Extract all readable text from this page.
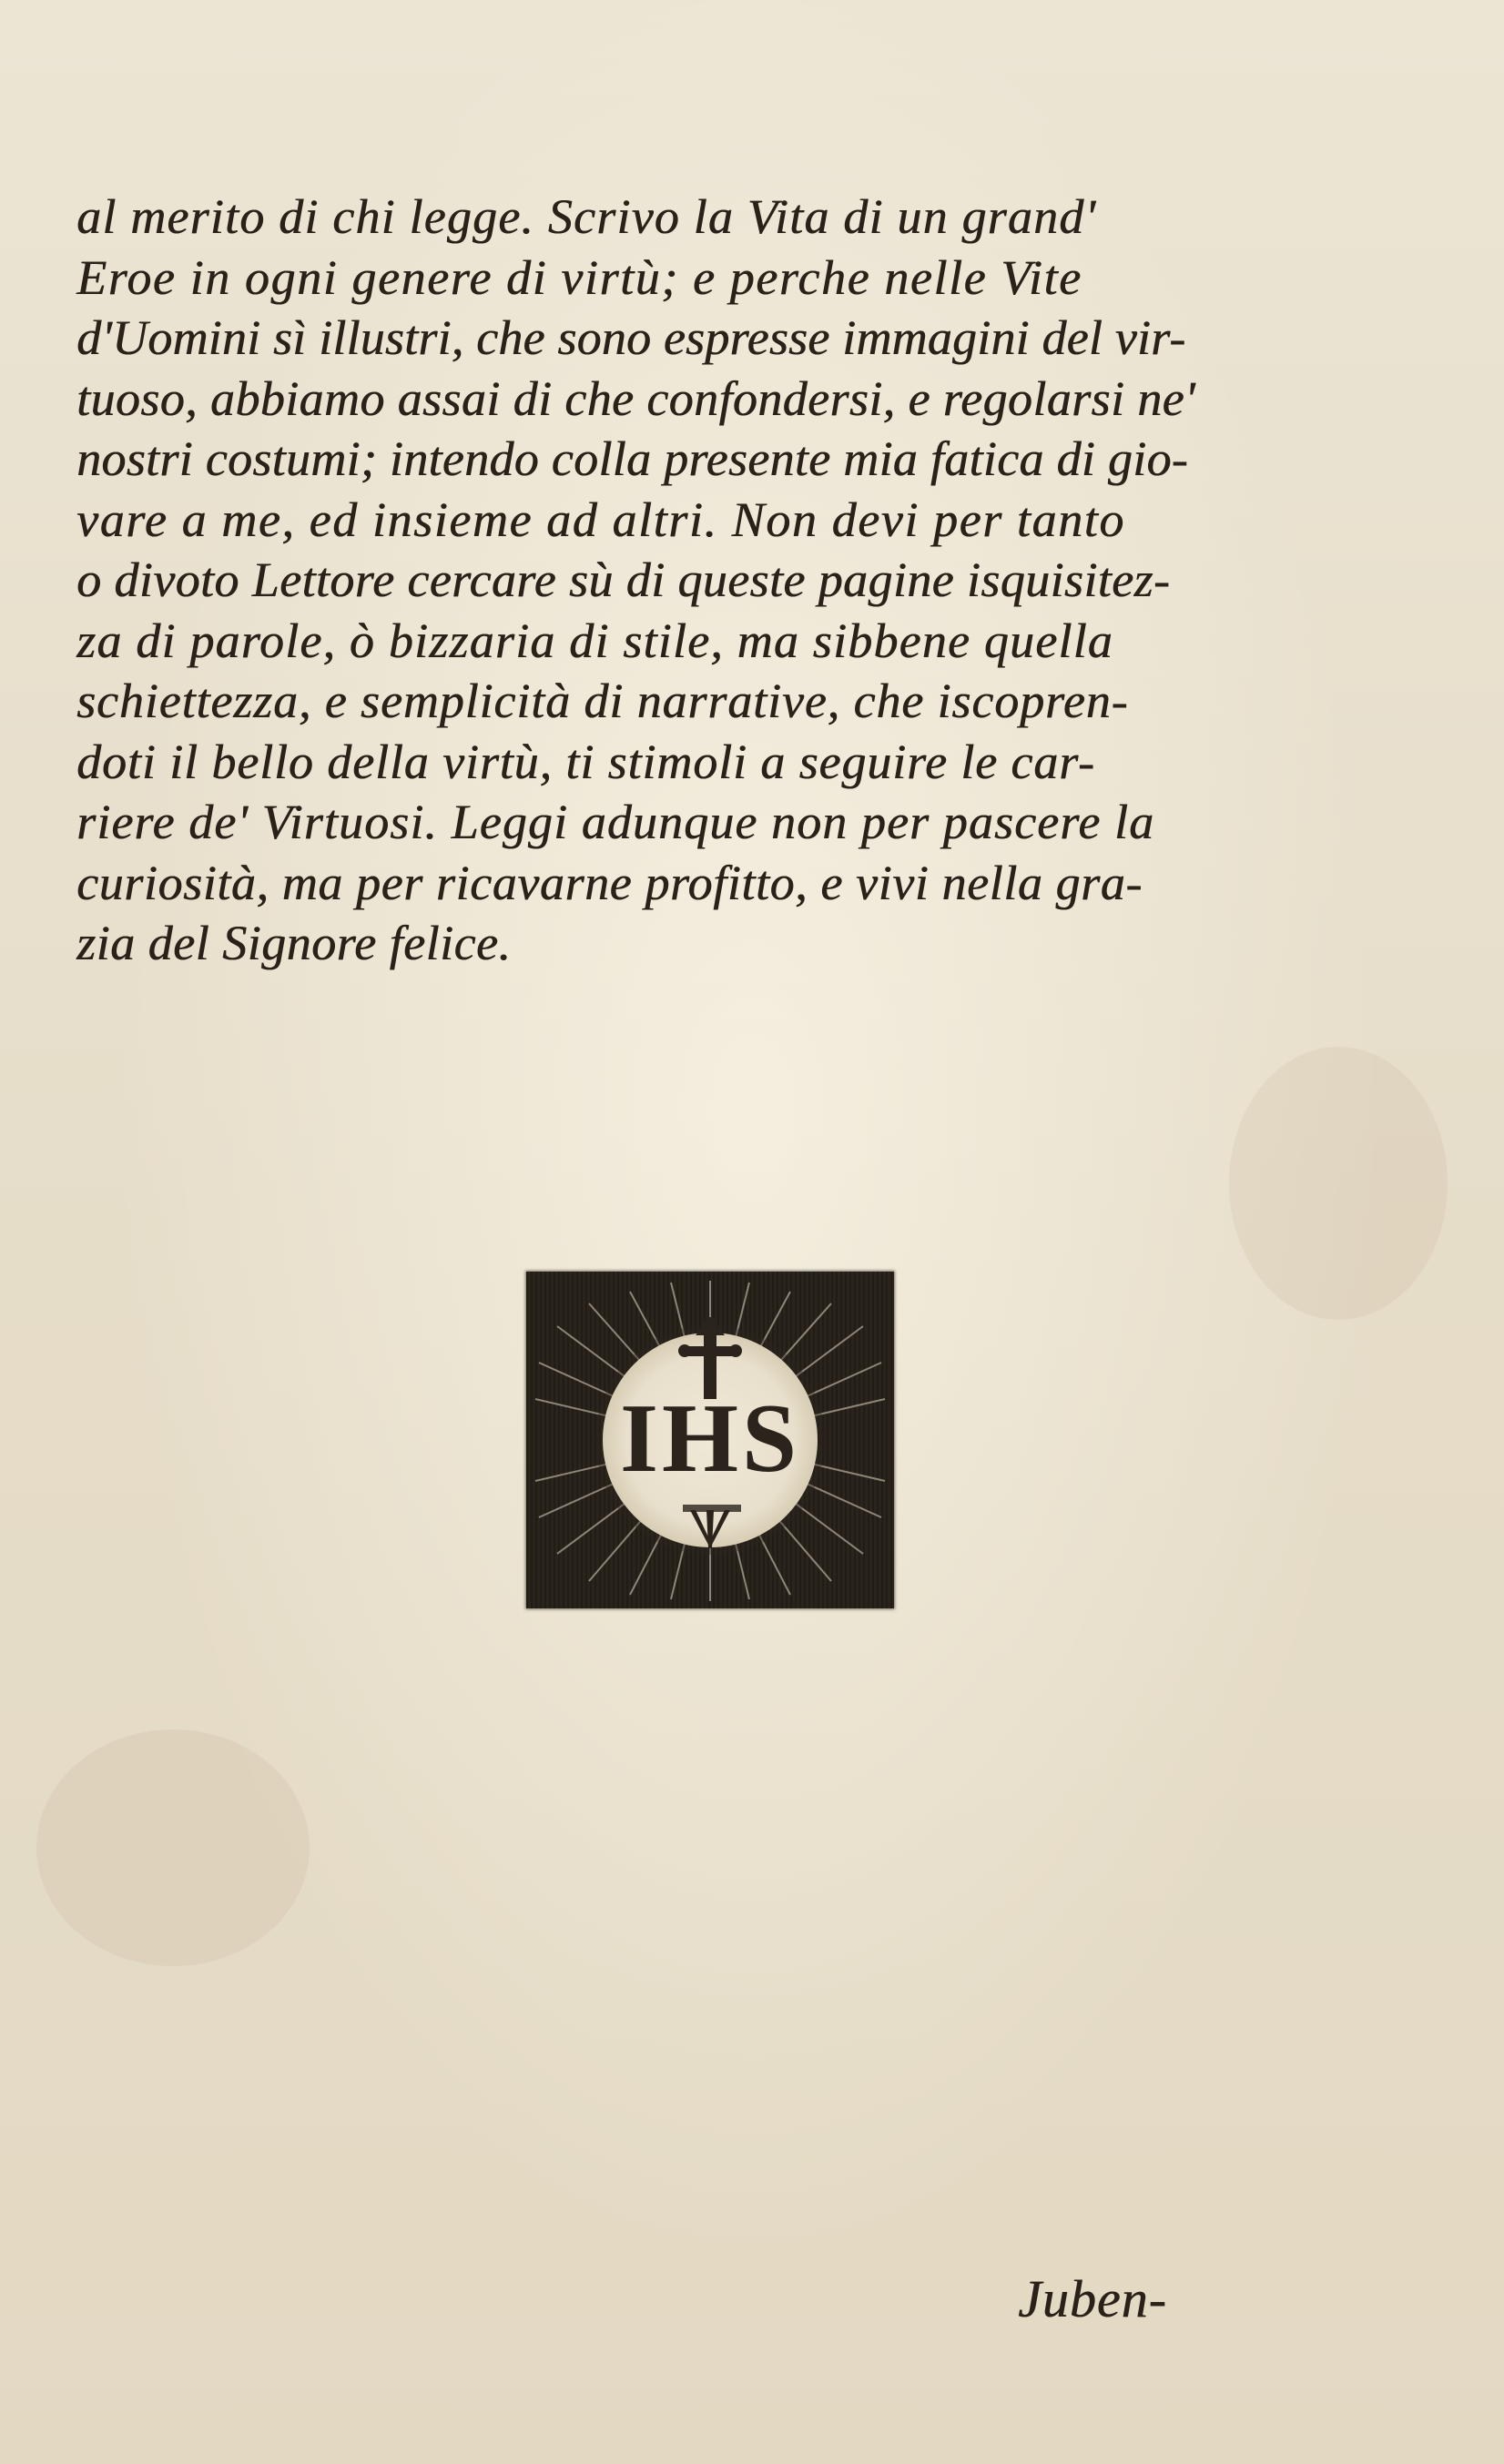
al merito di chi legge. Scrivo la Vita di un grand'
Eroe in ogni genere di virtù; e perche nelle Vite
d'Uomini sì illustri, che sono espresse immagini del vir-
tuoso, abbiamo assai di che confondersi, e regolarsi ne'
nostri costumi; intendo colla presente mia fatica di gio-
vare a me, ed insieme ad altri. Non devi per tanto
o divoto Lettore cercare sù di queste pagine isquisitez-
za di parole, ò bizzaria di stile, ma sibbene quella
schiettezza, e semplicità di narrative, che iscopren-
doti il bello della virtù, ti stimoli a seguire le car-
riere de' Virtuosi. Leggi adunque non per pascere la
curiosità, ma per ricavarne profitto, e vivi nella gra-
zia del Signore felice.
IHS
Juben-
